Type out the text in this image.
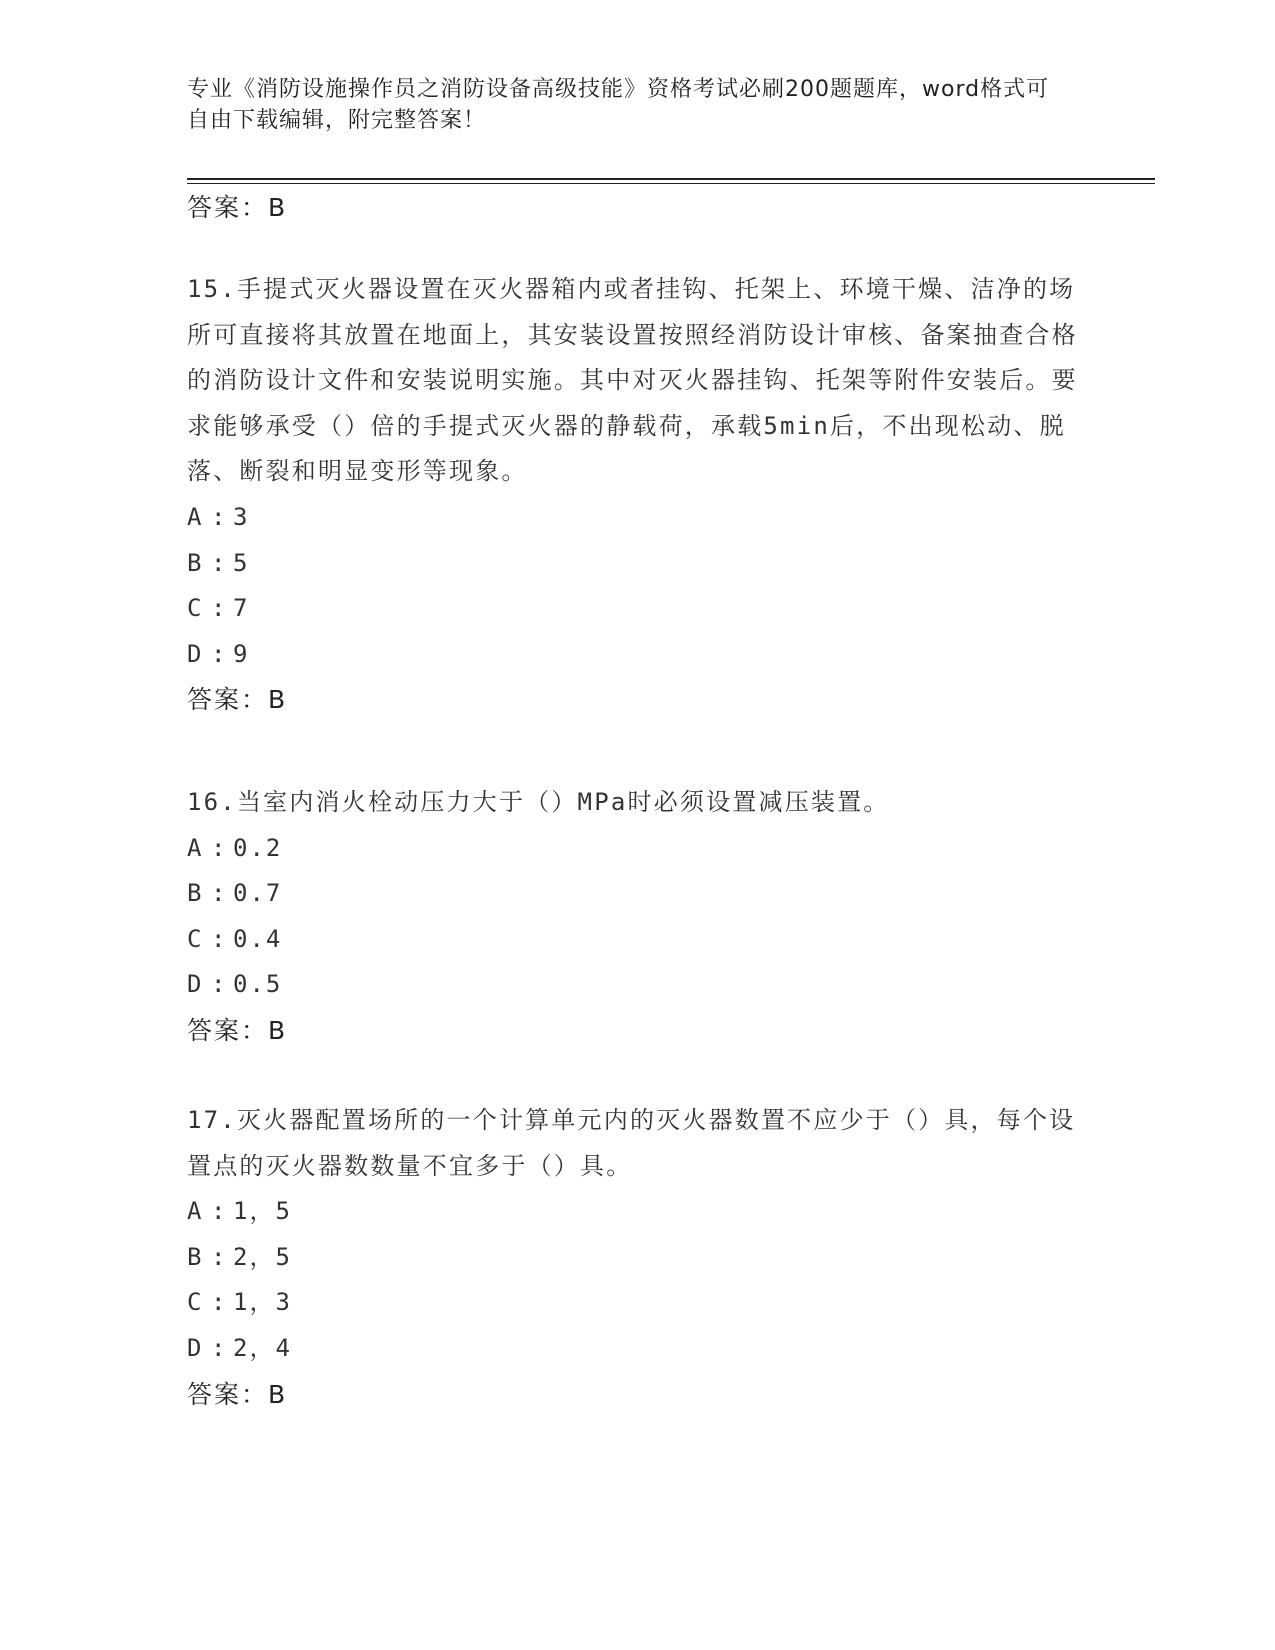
专业《消防设施操作员之消防设备高级技能》资格考试必刷200题题库，word格式可自由下载编辑，附完整答案！
答案：B
15.手提式灭火器设置在灭火器箱内或者挂钩、托架上、环境干燥、洁净的场所可直接将其放置在地面上，其安装设置按照经消防设计审核、备案抽查合格的消防设计文件和安装说明实施。其中对灭火器挂钩、托架等附件安装后。要求能够承受（）倍的手提式灭火器的静载荷，承载5min后，不出现松动、脱落、断裂和明显变形等现象。
A : 3
B : 5
C : 7
D : 9
答案：B
16.当室内消火栓动压力大于（）MPa时必须设置减压装置。
A : 0.2
B : 0.7
C : 0.4
D : 0.5
答案：B
17.灭火器配置场所的一个计算单元内的灭火器数置不应少于（）具，每个设置点的灭火器数数量不宜多于（）具。
A : 1，5
B : 2，5
C : 1，3
D : 2，4
答案：B
